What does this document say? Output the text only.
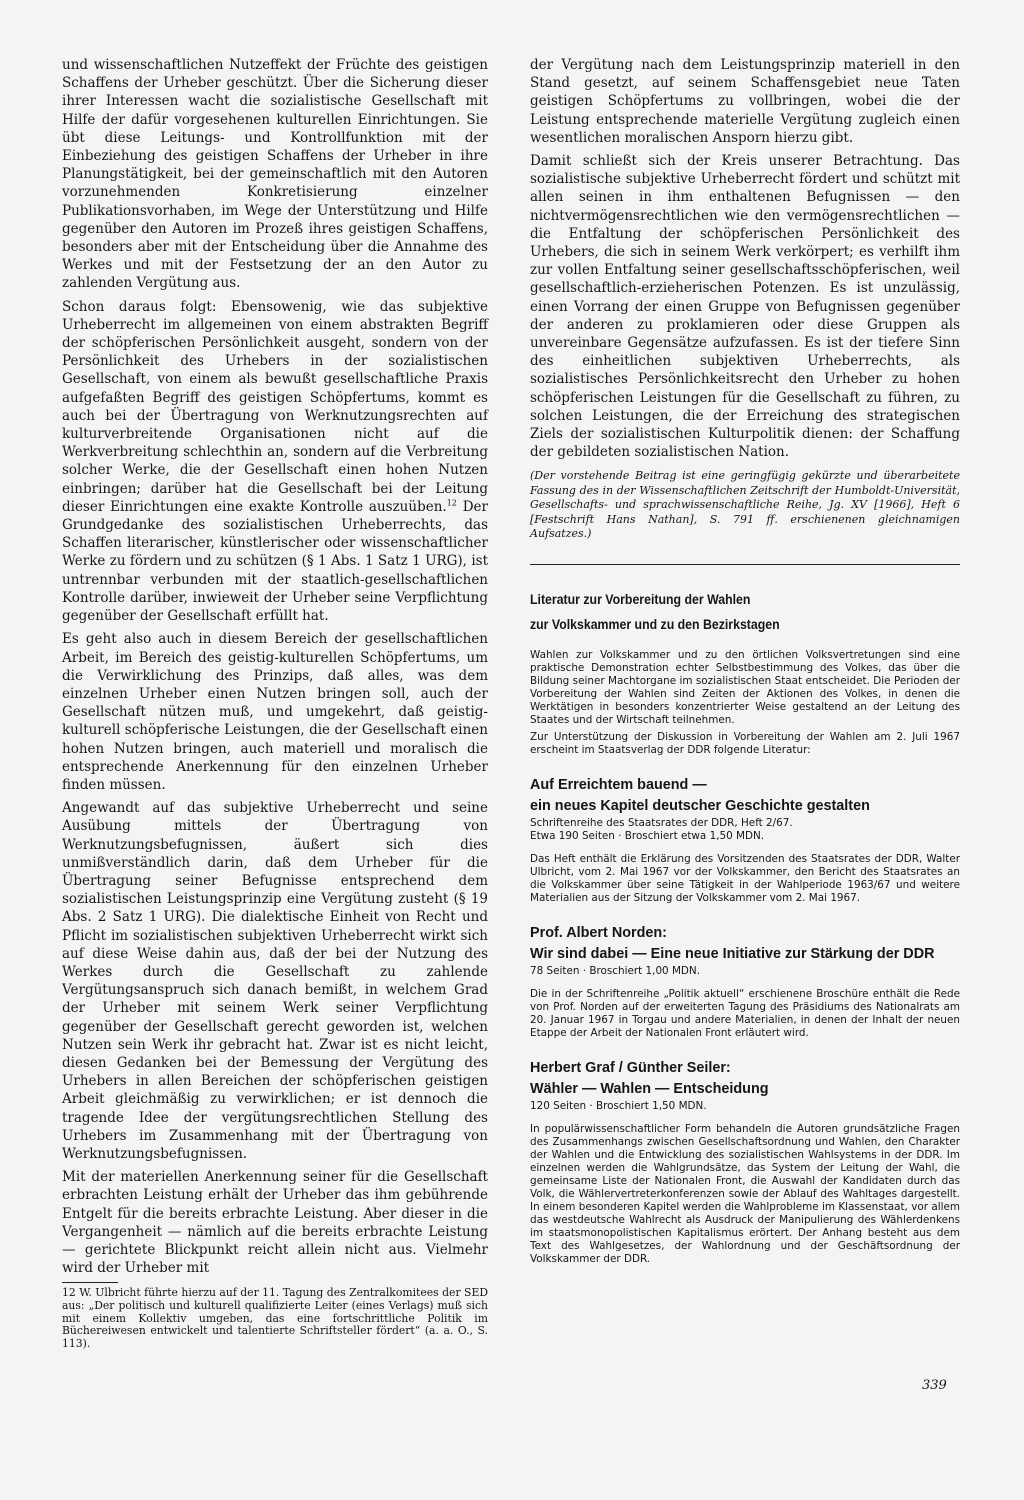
und wissenschaftlichen Nutzeffekt der Früchte des geistigen Schaffens der Urheber geschützt. Über die Sicherung dieser ihrer Interessen wacht die sozialistische Gesellschaft mit Hilfe der dafür vorgesehenen kulturellen Einrichtungen. Sie übt diese Leitungs- und Kontrollfunktion mit der Einbeziehung des geistigen Schaffens der Urheber in ihre Planungstätigkeit, bei der gemeinschaftlich mit den Autoren vorzunehmenden Konkretisierung einzelner Publikationsvorhaben, im Wege der Unterstützung und Hilfe gegenüber den Autoren im Prozeß ihres geistigen Schaffens, besonders aber mit der Entscheidung über die Annahme des Werkes und mit der Festsetzung der an den Autor zu zahlenden Vergütung aus.

Schon daraus folgt: Ebensowenig, wie das subjektive Urheberrecht im allgemeinen von einem abstrakten Begriff der schöpferischen Persönlichkeit ausgeht, sondern von der Persönlichkeit des Urhebers in der sozialistischen Gesellschaft, von einem als bewußt gesellschaftliche Praxis aufgefaßten Begriff des geistigen Schöpfertums, kommt es auch bei der Übertragung von Werknutzungsrechten auf kulturverbreitende Organisationen nicht auf die Werkverbreitung schlechthin an, sondern auf die Verbreitung solcher Werke, die der Gesellschaft einen hohen Nutzen einbringen; darüber hat die Gesellschaft bei der Leitung dieser Einrichtungen eine exakte Kontrolle auszuüben.$^{12}$ Der Grundgedanke des sozialistischen Urheberrechts, das Schaffen literarischer, künstlerischer oder wissenschaftlicher Werke zu fördern und zu schützen (§ 1 Abs. 1 Satz 1 URG), ist untrennbar verbunden mit der staatlich-gesellschaftlichen Kontrolle darüber, inwieweit der Urheber seine Verpflichtung gegenüber der Gesellschaft erfüllt hat.

Es geht also auch in diesem Bereich der gesellschaftlichen Arbeit, im Bereich des geistig-kulturellen Schöpfertums, um die Verwirklichung des Prinzips, daß alles, was dem einzelnen Urheber einen Nutzen bringen soll, auch der Gesellschaft nützen muß, und umgekehrt, daß geistig-kulturell schöpferische Leistungen, die der Gesellschaft einen hohen Nutzen bringen, auch materiell und moralisch die entsprechende Anerkennung für den einzelnen Urheber finden müssen.

Angewandt auf das subjektive Urheberrecht und seine Ausübung mittels der Übertragung von Werknutzungsbefugnissen, äußert sich dies unmißverständlich darin, daß dem Urheber für die Übertragung seiner Befugnisse entsprechend dem sozialistischen Leistungsprinzip eine Vergütung zusteht (§ 19 Abs. 2 Satz 1 URG). Die dialektische Einheit von Recht und Pflicht im sozialistischen subjektiven Urheberrecht wirkt sich auf diese Weise dahin aus, daß der bei der Nutzung des Werkes durch die Gesellschaft zu zahlende Vergütungsanspruch sich danach bemißt, in welchem Grad der Urheber mit seinem Werk seiner Verpflichtung gegenüber der Gesellschaft gerecht geworden ist, welchen Nutzen sein Werk ihr gebracht hat. Zwar ist es nicht leicht, diesen Gedanken bei der Bemessung der Vergütung des Urhebers in allen Bereichen der schöpferischen geistigen Arbeit gleichmäßig zu verwirklichen; er ist dennoch die tragende Idee der vergütungsrechtlichen Stellung des Urhebers im Zusammenhang mit der Übertragung von Werknutzungsbefugnissen.

Mit der materiellen Anerkennung seiner für die Gesellschaft erbrachten Leistung erhält der Urheber das ihm gebührende Entgelt für die bereits erbrachte Leistung. Aber dieser in die Vergangenheit — nämlich auf die bereits erbrachte Leistung — gerichtete Blickpunkt reicht allein nicht aus. Vielmehr wird der Urheber mit

12 W. Ulbricht führte hierzu auf der 11. Tagung des Zentralkomitees der SED aus: „Der politisch und kulturell qualifizierte Leiter (eines Verlags) muß sich mit einem Kollektiv umgeben, das eine fortschrittliche Politik im Büchereiwesen entwickelt und talentierte Schriftsteller fördert“ (a. a. O., S. 113).

der Vergütung nach dem Leistungsprinzip materiell in den Stand gesetzt, auf seinem Schaffensgebiet neue Taten geistigen Schöpfertums zu vollbringen, wobei die der Leistung entsprechende materielle Vergütung zugleich einen wesentlichen moralischen Ansporn hierzu gibt.

Damit schließt sich der Kreis unserer Betrachtung. Das sozialistische subjektive Urheberrecht fördert und schützt mit allen seinen in ihm enthaltenen Befugnissen — den nichtvermögensrechtlichen wie den vermögensrechtlichen — die Entfaltung der schöpferischen Persönlichkeit des Urhebers, die sich in seinem Werk verkörpert; es verhilft ihm zur vollen Entfaltung seiner gesellschaftsschöpferischen, weil gesellschaftlich-erzieherischen Potenzen. Es ist unzulässig, einen Vorrang der einen Gruppe von Befugnissen gegenüber der anderen zu proklamieren oder diese Gruppen als unvereinbare Gegensätze aufzufassen. Es ist der tiefere Sinn des einheitlichen subjektiven Urheberrechts, als sozialistisches Persönlichkeitsrecht den Urheber zu hohen schöpferischen Leistungen für die Gesellschaft zu führen, zu solchen Leistungen, die der Erreichung des strategischen Ziels der sozialistischen Kulturpolitik dienen: der Schaffung der gebildeten sozialistischen Nation.

(Der vorstehende Beitrag ist eine geringfügig gekürzte und überarbeitete Fassung des in der Wissenschaftlichen Zeitschrift der Humboldt-Universität, Gesellschafts- und sprachwissenschaftliche Reihe, Jg. XV [1966], Heft 6 [Festschrift Hans Nathan], S. 791 ff. erschienenen gleichnamigen Aufsatzes.)

Literatur zur Vorbereitung der Wahlen
zur Volkskammer und zu den Bezirkstagen

Wahlen zur Volkskammer und zu den örtlichen Volksvertretungen sind eine praktische Demonstration echter Selbstbestimmung des Volkes, das über die Bildung seiner Machtorgane im sozialistischen Staat entscheidet. Die Perioden der Vorbereitung der Wahlen sind Zeiten der Aktionen des Volkes, in denen die Werktätigen in besonders konzentrierter Weise gestaltend an der Leitung des Staates und der Wirtschaft teilnehmen.

Zur Unterstützung der Diskussion in Vorbereitung der Wahlen am 2. Juli 1967 erscheint im Staatsverlag der DDR folgende Literatur:

Auf Erreichtem bauend —

ein neues Kapitel deutscher Geschichte gestalten

Schriftenreihe des Staatsrates der DDR, Heft 2/67.
Etwa 190 Seiten · Broschiert etwa 1,50 MDN.

Das Heft enthält die Erklärung des Vorsitzenden des Staatsrates der DDR, Walter Ulbricht, vom 2. Mai 1967 vor der Volkskammer, den Bericht des Staatsrates an die Volkskammer über seine Tätigkeit in der Wahlperiode 1963/67 und weitere Materialien aus der Sitzung der Volkskammer vom 2. Mai 1967.

Prof. Albert Norden:

Wir sind dabei — Eine neue Initiative zur Stärkung der DDR

78 Seiten · Broschiert 1,00 MDN.

Die in der Schriftenreihe „Politik aktuell“ erschienene Broschüre enthält die Rede von Prof. Norden auf der erweiterten Tagung des Präsidiums des Nationalrats am 20. Januar 1967 in Torgau und andere Materialien, in denen der Inhalt der neuen Etappe der Arbeit der Nationalen Front erläutert wird.

Herbert Graf / Günther Seiler:

Wähler — Wahlen — Entscheidung

120 Seiten · Broschiert 1,50 MDN.

In populärwissenschaftlicher Form behandeln die Autoren grundsätzliche Fragen des Zusammenhangs zwischen Gesellschaftsordnung und Wahlen, den Charakter der Wahlen und die Entwicklung des sozialistischen Wahlsystems in der DDR. Im einzelnen werden die Wahlgrundsätze, das System der Leitung der Wahl, die gemeinsame Liste der Nationalen Front, die Auswahl der Kandidaten durch das Volk, die Wählervertreterkonferenzen sowie der Ablauf des Wahltages dargestellt. In einem besonderen Kapitel werden die Wahlprobleme im Klassenstaat, vor allem das westdeutsche Wahlrecht als Ausdruck der Manipulierung des Wählerdenkens im staatsmonopolistischen Kapitalismus erörtert. Der Anhang besteht aus dem Text des Wahlgesetzes, der Wahlordnung und der Geschäftsordnung der Volkskammer der DDR.

339
